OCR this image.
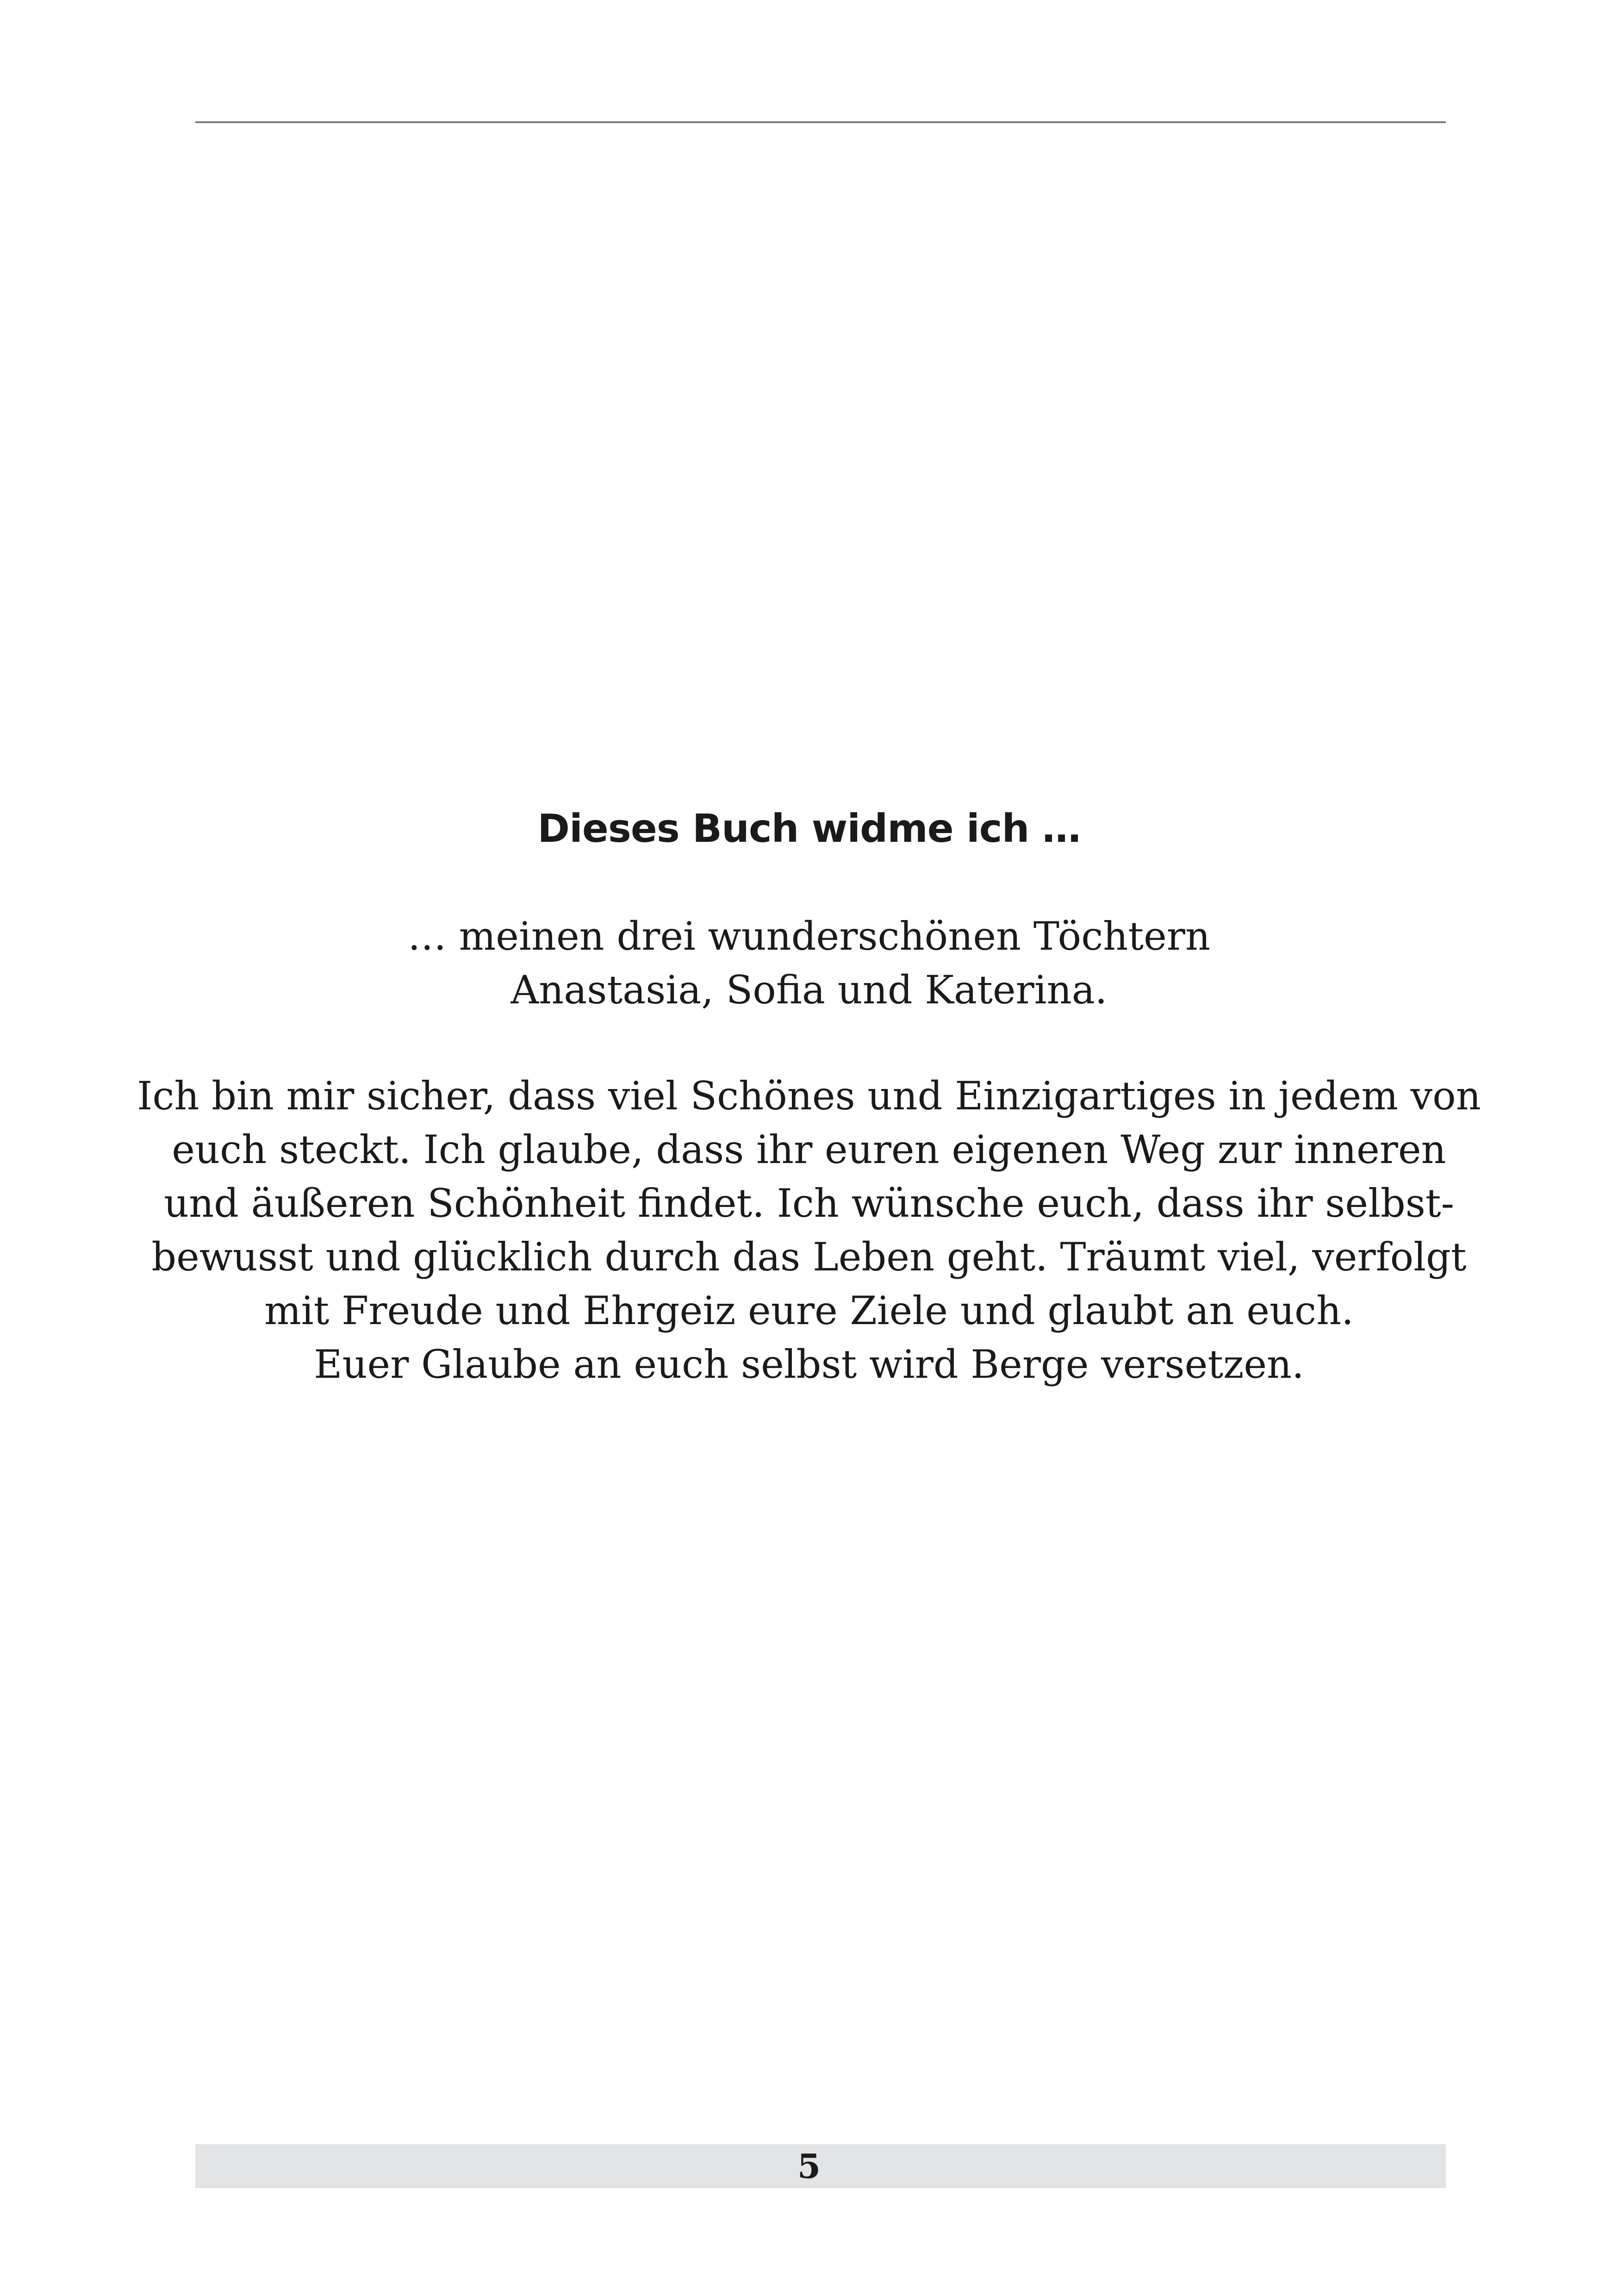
Dieses Buch widme ich …
… meinen drei wunderschönen Töchtern
Anastasia, Sofia und Katerina.
Ich bin mir sicher, dass viel Schönes und Einzigartiges in jedem von
euch steckt. Ich glaube, dass ihr euren eigenen Weg zur inneren
und äußeren Schönheit findet. Ich wünsche euch, dass ihr selbst-
bewusst und glücklich durch das Leben geht. Träumt viel, verfolgt
mit Freude und Ehrgeiz eure Ziele und glaubt an euch.
Euer Glaube an euch selbst wird Berge versetzen.
5
